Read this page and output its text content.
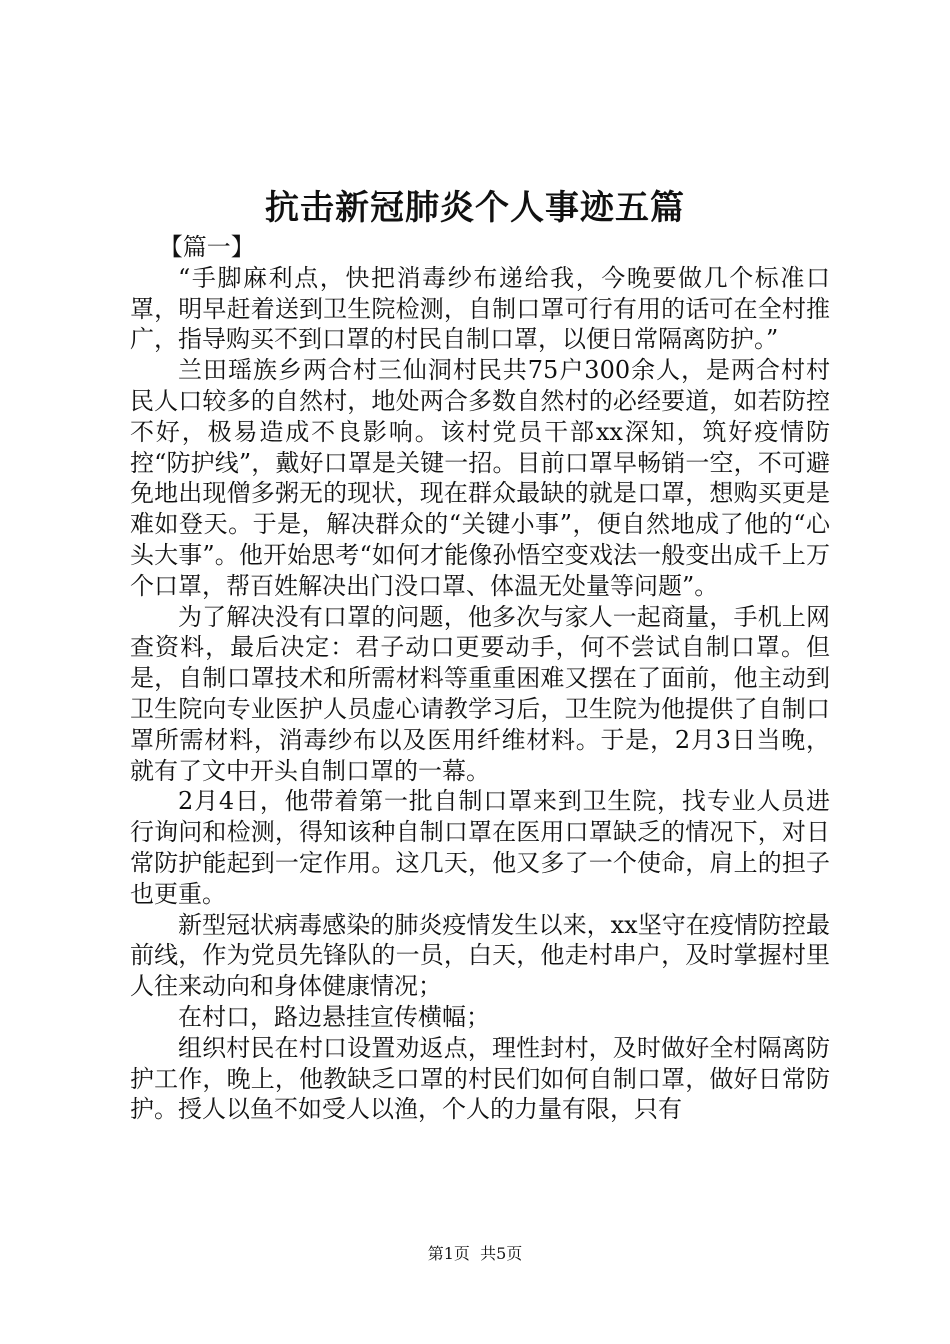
抗击新冠肺炎个人事迹五篇
【篇一】

“手脚麻利点，快把消毒纱布递给我，今晚要做几个标准口罩，明早赶着送到卫生院检测，自制口罩可行有用的话可在全村推广，指导购买不到口罩的村民自制口罩，以便日常隔离防护。”

兰田瑶族乡两合村三仙洞村民共75户300余人，是两合村村民人口较多的自然村，地处两合多数自然村的必经要道，如若防控不好，极易造成不良影响。该村党员干部xx深知，筑好疫情防控“防护线”，戴好口罩是关键一招。目前口罩早畅销一空，不可避免地出现僧多粥无的现状，现在群众最缺的就是口罩，想购买更是难如登天。于是，解决群众的“关键小事”，便自然地成了他的“心头大事”。他开始思考“如何才能像孙悟空变戏法一般变出成千上万个口罩，帮百姓解决出门没口罩、体温无处量等问题”。

为了解决没有口罩的问题，他多次与家人一起商量，手机上网查资料，最后决定：君子动口更要动手，何不尝试自制口罩。但是，自制口罩技术和所需材料等重重困难又摆在了面前，他主动到卫生院向专业医护人员虚心请教学习后，卫生院为他提供了自制口罩所需材料，消毒纱布以及医用纤维材料。于是，2月3日当晚，就有了文中开头自制口罩的一幕。

2月4日，他带着第一批自制口罩来到卫生院，找专业人员进行询问和检测，得知该种自制口罩在医用口罩缺乏的情况下，对日常防护能起到一定作用。这几天，他又多了一个使命，肩上的担子也更重。

新型冠状病毒感染的肺炎疫情发生以来，xx坚守在疫情防控最前线，作为党员先锋队的一员，白天，他走村串户，及时掌握村里人往来动向和身体健康情况；

在村口，路边悬挂宣传横幅；

组织村民在村口设置劝返点，理性封村，及时做好全村隔离防护工作，晚上，他教缺乏口罩的村民们如何自制口罩，做好日常防护。授人以鱼不如受人以渔，个人的力量有限，只有

第1页 共5页
